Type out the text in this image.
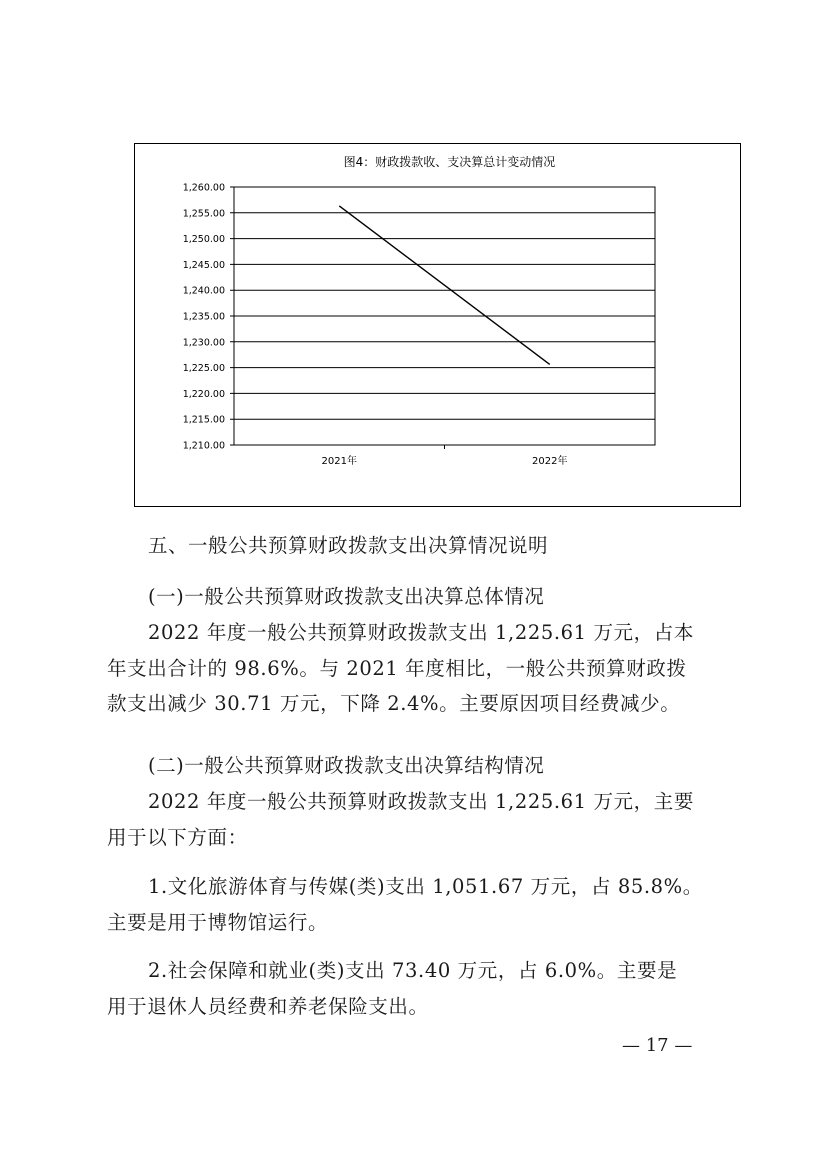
图4：财政拨款收、支决算总计变动情况
1,260.00
1,255.00
1,250.00
1,245.00
1,240.00
1,235.00
1,230.00
1,225.00
1,220.00
1,215.00
1,210.00
2021年	2022年
五、一般公共预算财政拨款支出决算情况说明
(一)一般公共预算财政拨款支出决算总体情况
2022 年度一般公共预算财政拨款支出 1,225.61 万元，占本
年支出合计的 98.6%。与 2021 年度相比，一般公共预算财政拨
款支出减少 30.71 万元，下降 2.4%。主要原因项目经费减少。
(二)一般公共预算财政拨款支出决算结构情况
2022 年度一般公共预算财政拨款支出 1,225.61 万元，主要
用于以下方面：
1.文化旅游体育与传媒(类)支出 1,051.67 万元，占 85.8%。
主要是用于博物馆运行。
2.社会保障和就业(类)支出 73.40 万元，占 6.0%。主要是
用于退休人员经费和养老保险支出。
— 17 —
